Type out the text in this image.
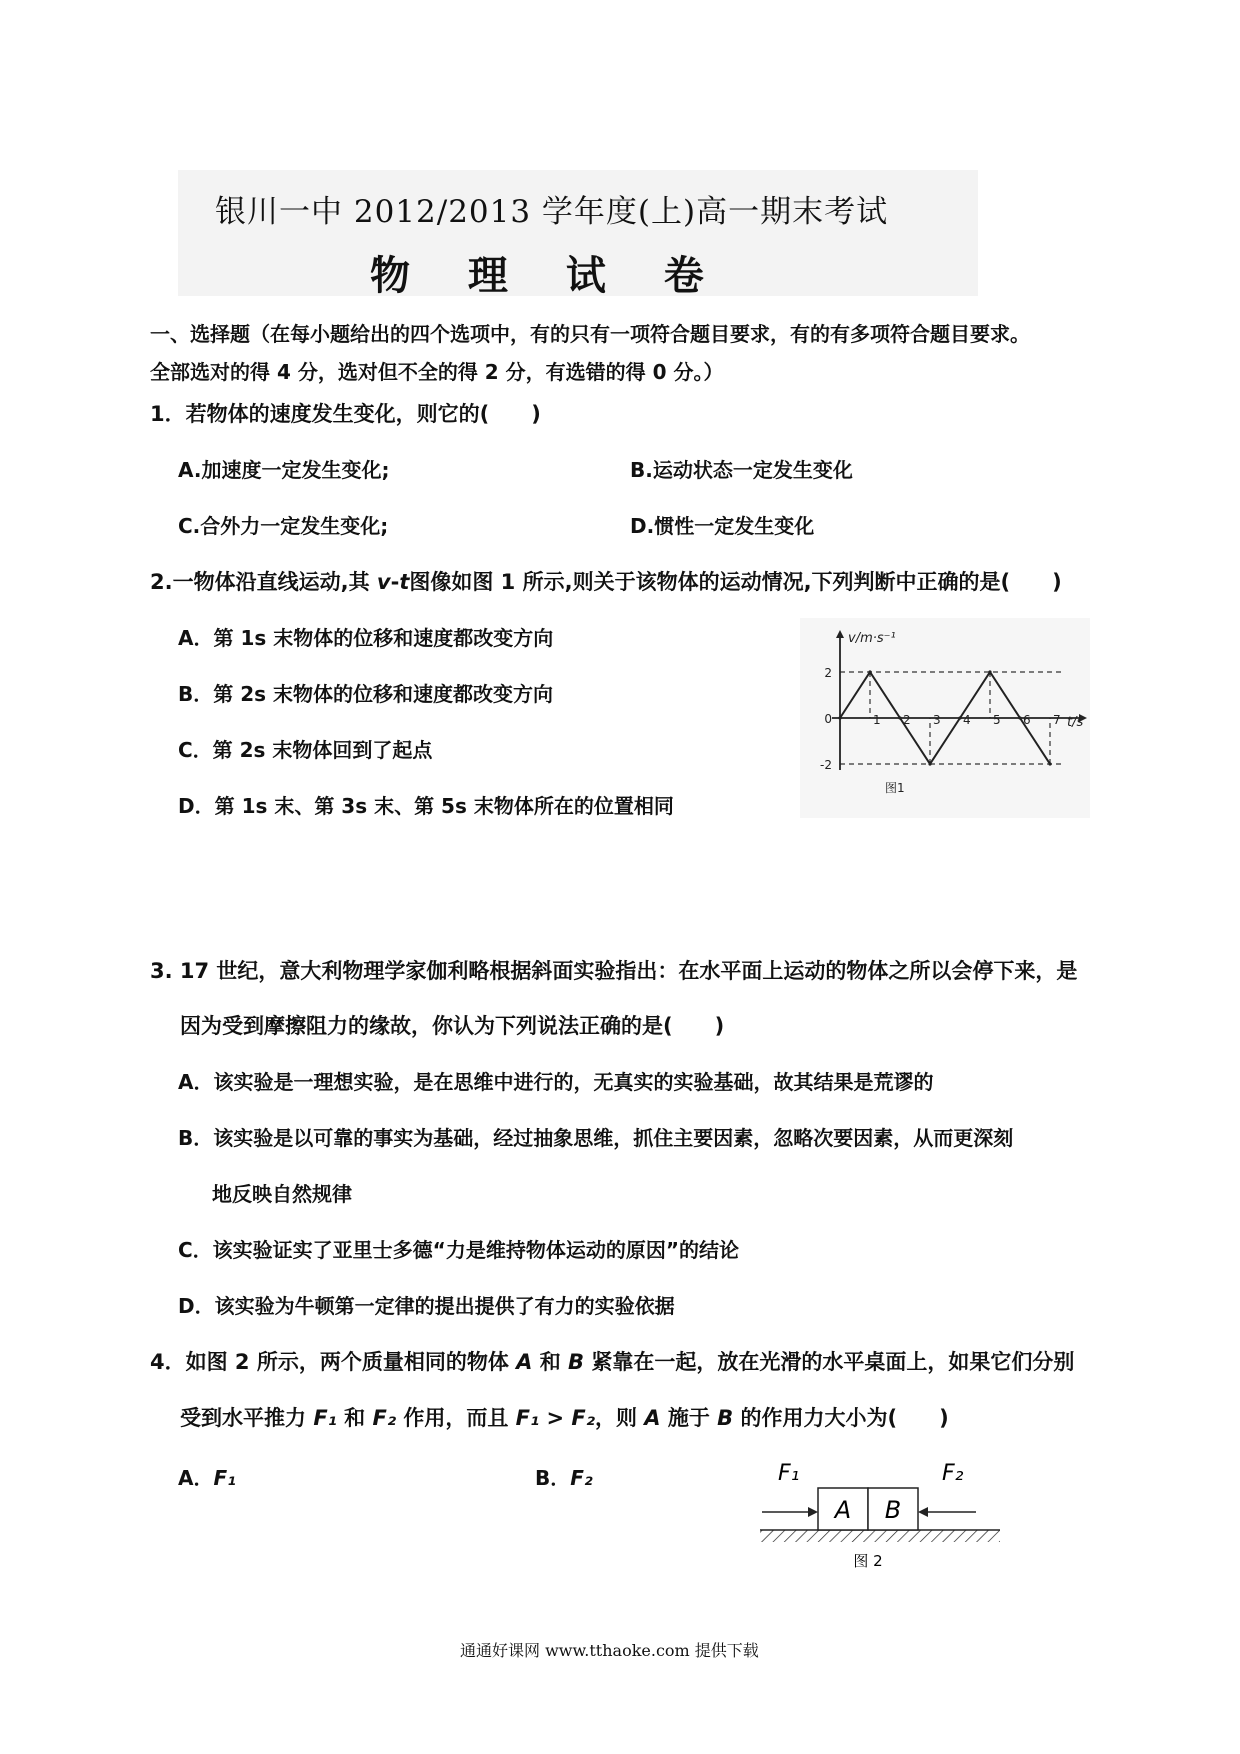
银川一中 2012/2013 学年度(上)高一期末考试
物 理 试 卷
一、选择题（在每小题给出的四个选项中，有的只有一项符合题目要求，有的有多项符合题目要求。
全部选对的得 4 分，选对但不全的得 2 分，有选错的得 0 分。）
1．若物体的速度发生变化，则它的(　　)
A.加速度一定发生变化;	B.运动状态一定发生变化
C.合外力一定发生变化;	D.惯性一定发生变化
2.一物体沿直线运动,其 v-t图像如图 1 所示,则关于该物体的运动情况,下列判断中正确的是(　　)
A．第 1s 末物体的位移和速度都改变方向
B．第 2s 末物体的位移和速度都改变方向
C．第 2s 末物体回到了起点
D．第 1s 末、第 3s 末、第 5s 末物体所在的位置相同
1 2 3 4 5 6 7
2
0
-2
v/m·s⁻¹
t/s
图1
3. 17 世纪，意大利物理学家伽利略根据斜面实验指出：在水平面上运动的物体之所以会停下来，是
因为受到摩擦阻力的缘故，你认为下列说法正确的是(　　)
A．该实验是一理想实验，是在思维中进行的，无真实的实验基础，故其结果是荒谬的
B．该实验是以可靠的事实为基础，经过抽象思维，抓住主要因素，忽略次要因素，从而更深刻
地反映自然规律
C．该实验证实了亚里士多德“力是维持物体运动的原因”的结论
D．该实验为牛顿第一定律的提出提供了有力的实验依据
4．如图 2 所示，两个质量相同的物体 A 和 B 紧靠在一起，放在光滑的水平桌面上，如果它们分别
受到水平推力 F₁ 和 F₂ 作用，而且 F₁ > F₂，则 A 施于 B 的作用力大小为(　　)
A．F₁	B．F₂
A B
F₁	F₂
图 2
通通好课网 www.tthaoke.com 提供下载
